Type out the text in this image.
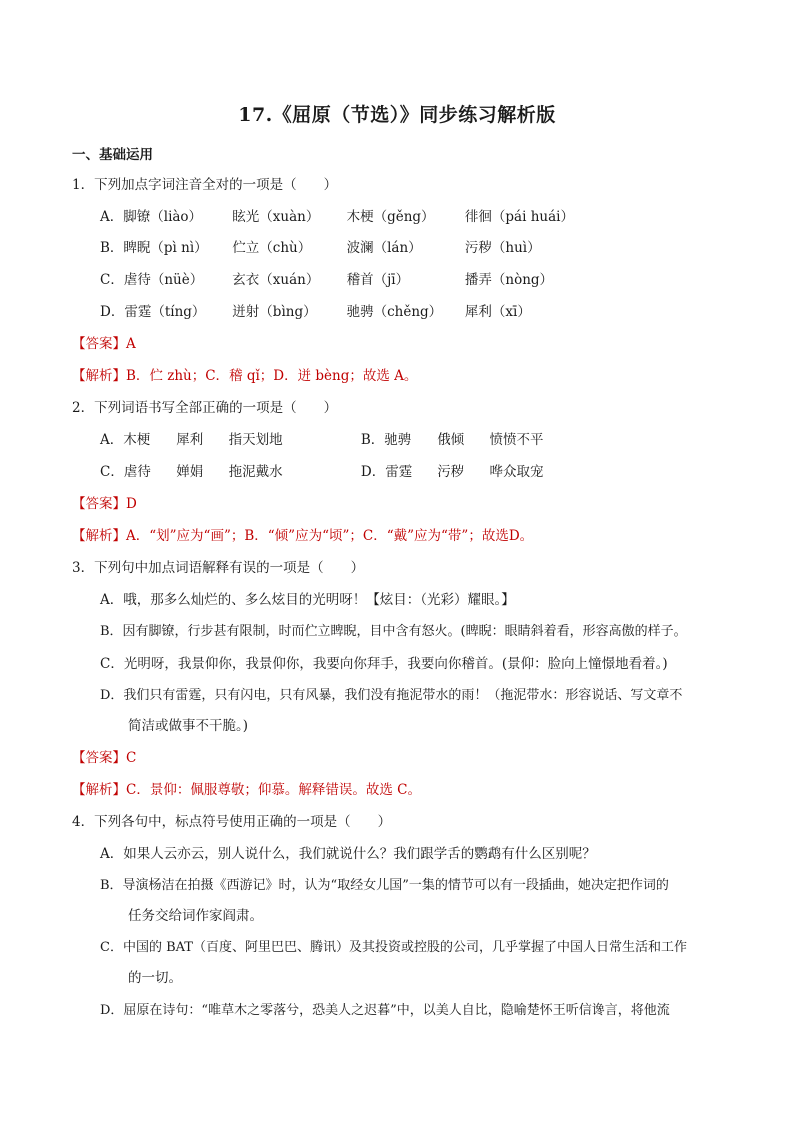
17.《屈原（节选）》同步练习解析版
一、基础运用
1．下列加点字词注音全对的一项是（　　）
A．脚镣（liào） 眩光（xuàn） 木梗（gěng） 徘徊（pái huái）
B．睥睨（pì nì） 伫立（chù）	波澜（lán）	污秽（huì）
C．虐待（nüè） 玄衣（xuán） 稽首（jī）	播弄（nòng）
D．雷霆（tíng） 迸射（bìng） 驰骋（chěng） 犀利（xī）
【答案】A
【解析】B．伫 zhù；C．稽 qǐ；D．迸 bèng；故选 A。
2．下列词语书写全部正确的一项是（　　）
A．木梗 犀利 指天划地	B．驰骋 俄倾 愤愤不平
C．虐待 婵娟 拖泥戴水	D．雷霆 污秽 哗众取宠
【答案】D
【解析】A．“划”应为“画”；B．“倾”应为“顷”；C．“戴”应为“带”；故选D。
3．下列句中加点词语解释有误的一项是（　　）
A．哦，那多么灿烂的、多么炫目的光明呀！【炫目：（光彩）耀眼。】
B．因有脚镣，行步甚有限制，时而伫立睥睨，目中含有怒火。(睥睨：眼睛斜着看，形容高傲的样子。
C．光明呀，我景仰你，我景仰你，我要向你拜手，我要向你稽首。(景仰：脸向上憧憬地看着。)
D．我们只有雷霆，只有闪电，只有风暴，我们没有拖泥带水的雨！（拖泥带水：形容说话、写文章不
简洁或做事不干脆。)
【答案】C
【解析】C．景仰：佩服尊敬；仰慕。解释错误。故选 C。
4．下列各句中，标点符号使用正确的一项是（　　）
A．如果人云亦云，别人说什么，我们就说什么？我们跟学舌的鹦鹉有什么区别呢？
B．导演杨洁在拍摄《西游记》时，认为“取经女儿国”一集的情节可以有一段插曲，她决定把作词的
任务交给词作家阎肃。
C．中国的 BAT（百度、阿里巴巴、腾讯）及其投资或控股的公司，几乎掌握了中国人日常生活和工作
的一切。
D．屈原在诗句：“唯草木之零落兮，恐美人之迟暮”中，以美人自比，隐喻楚怀王听信谗言，将他流
